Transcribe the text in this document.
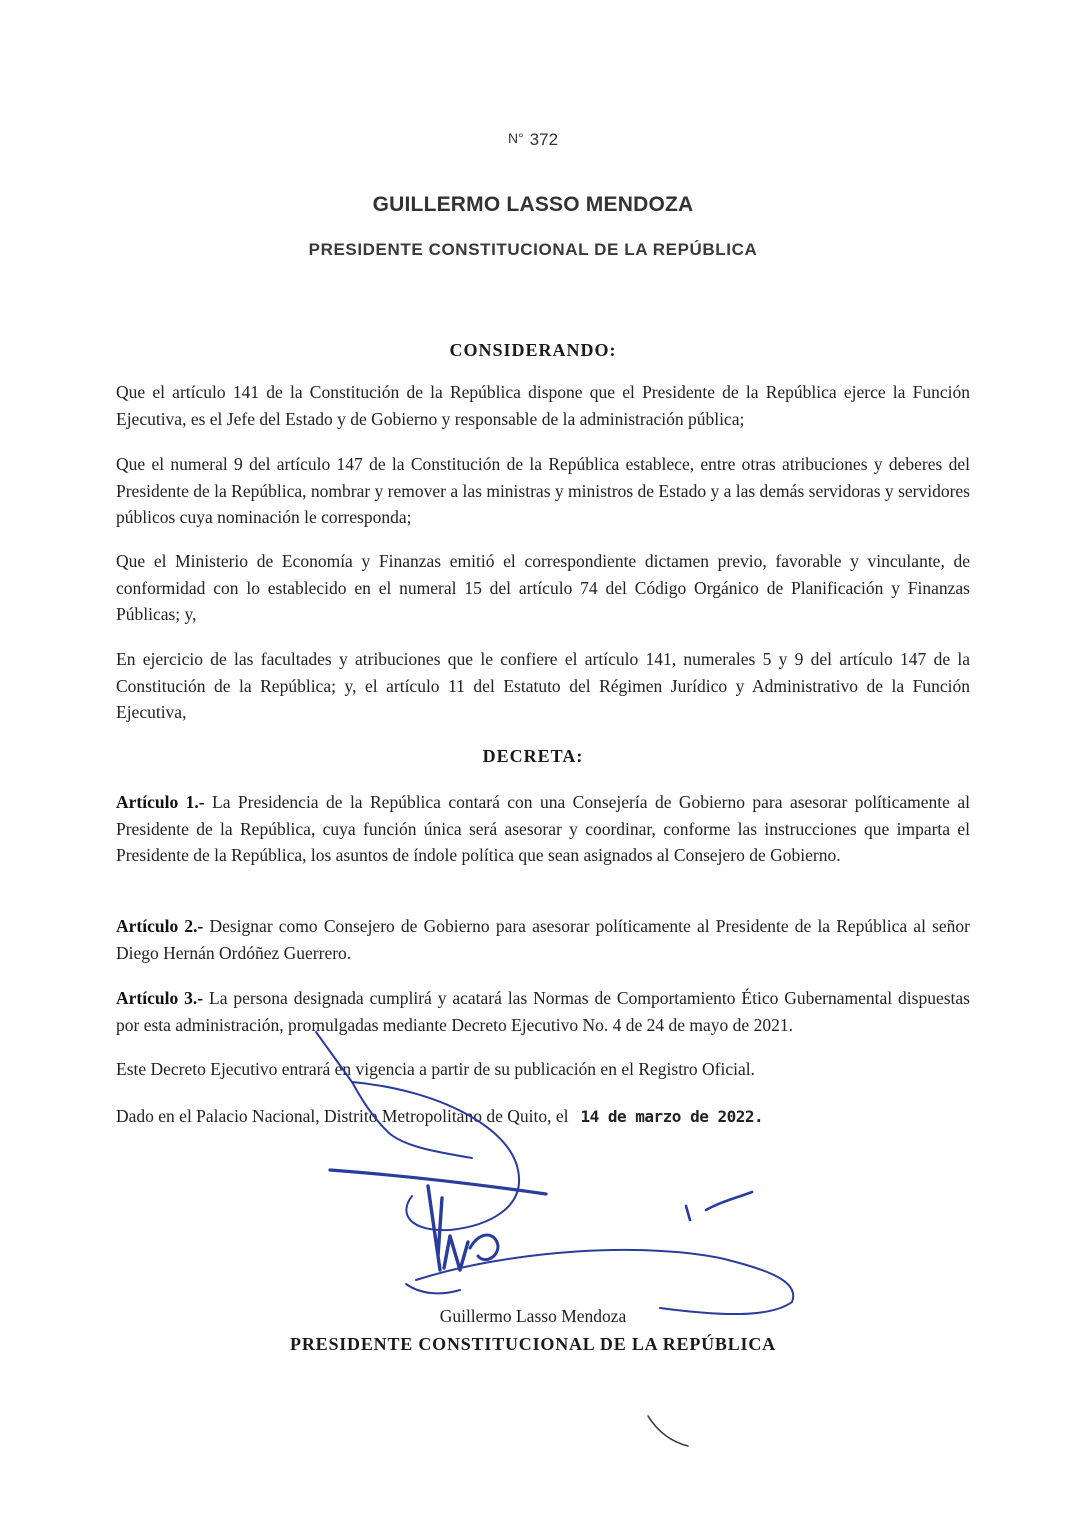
N° 372
GUILLERMO LASSO MENDOZA
PRESIDENTE CONSTITUCIONAL DE LA REPÚBLICA
CONSIDERANDO:
Que el artículo 141 de la Constitución de la República dispone que el Presidente de la República ejerce la Función Ejecutiva, es el Jefe del Estado y de Gobierno y responsable de la administración pública;
Que el numeral 9 del artículo 147 de la Constitución de la República establece, entre otras atribuciones y deberes del Presidente de la República, nombrar y remover a las ministras y ministros de Estado y a las demás servidoras y servidores públicos cuya nominación le corresponda;
Que el Ministerio de Economía y Finanzas emitió el correspondiente dictamen previo, favorable y vinculante, de conformidad con lo establecido en el numeral 15 del artículo 74 del Código Orgánico de Planificación y Finanzas Públicas; y,
En ejercicio de las facultades y atribuciones que le confiere el artículo 141, numerales 5 y 9 del artículo 147 de la Constitución de la República; y, el artículo 11 del Estatuto del Régimen Jurídico y Administrativo de la Función Ejecutiva,
DECRETA:
Artículo 1.- La Presidencia de la República contará con una Consejería de Gobierno para asesorar políticamente al Presidente de la República, cuya función única será asesorar y coordinar, conforme las instrucciones que imparta el Presidente de la República, los asuntos de índole política que sean asignados al Consejero de Gobierno.
Artículo 2.- Designar como Consejero de Gobierno para asesorar políticamente al Presidente de la República al señor Diego Hernán Ordóñez Guerrero.
Artículo 3.- La persona designada cumplirá y acatará las Normas de Comportamiento Ético Gubernamental dispuestas por esta administración, promulgadas mediante Decreto Ejecutivo No. 4 de 24 de mayo de 2021.
Este Decreto Ejecutivo entrará en vigencia a partir de su publicación en el Registro Oficial.
Dado en el Palacio Nacional, Distrito Metropolitano de Quito, el 14 de marzo de 2022.
Guillermo Lasso Mendoza
PRESIDENTE CONSTITUCIONAL DE LA REPÚBLICA
